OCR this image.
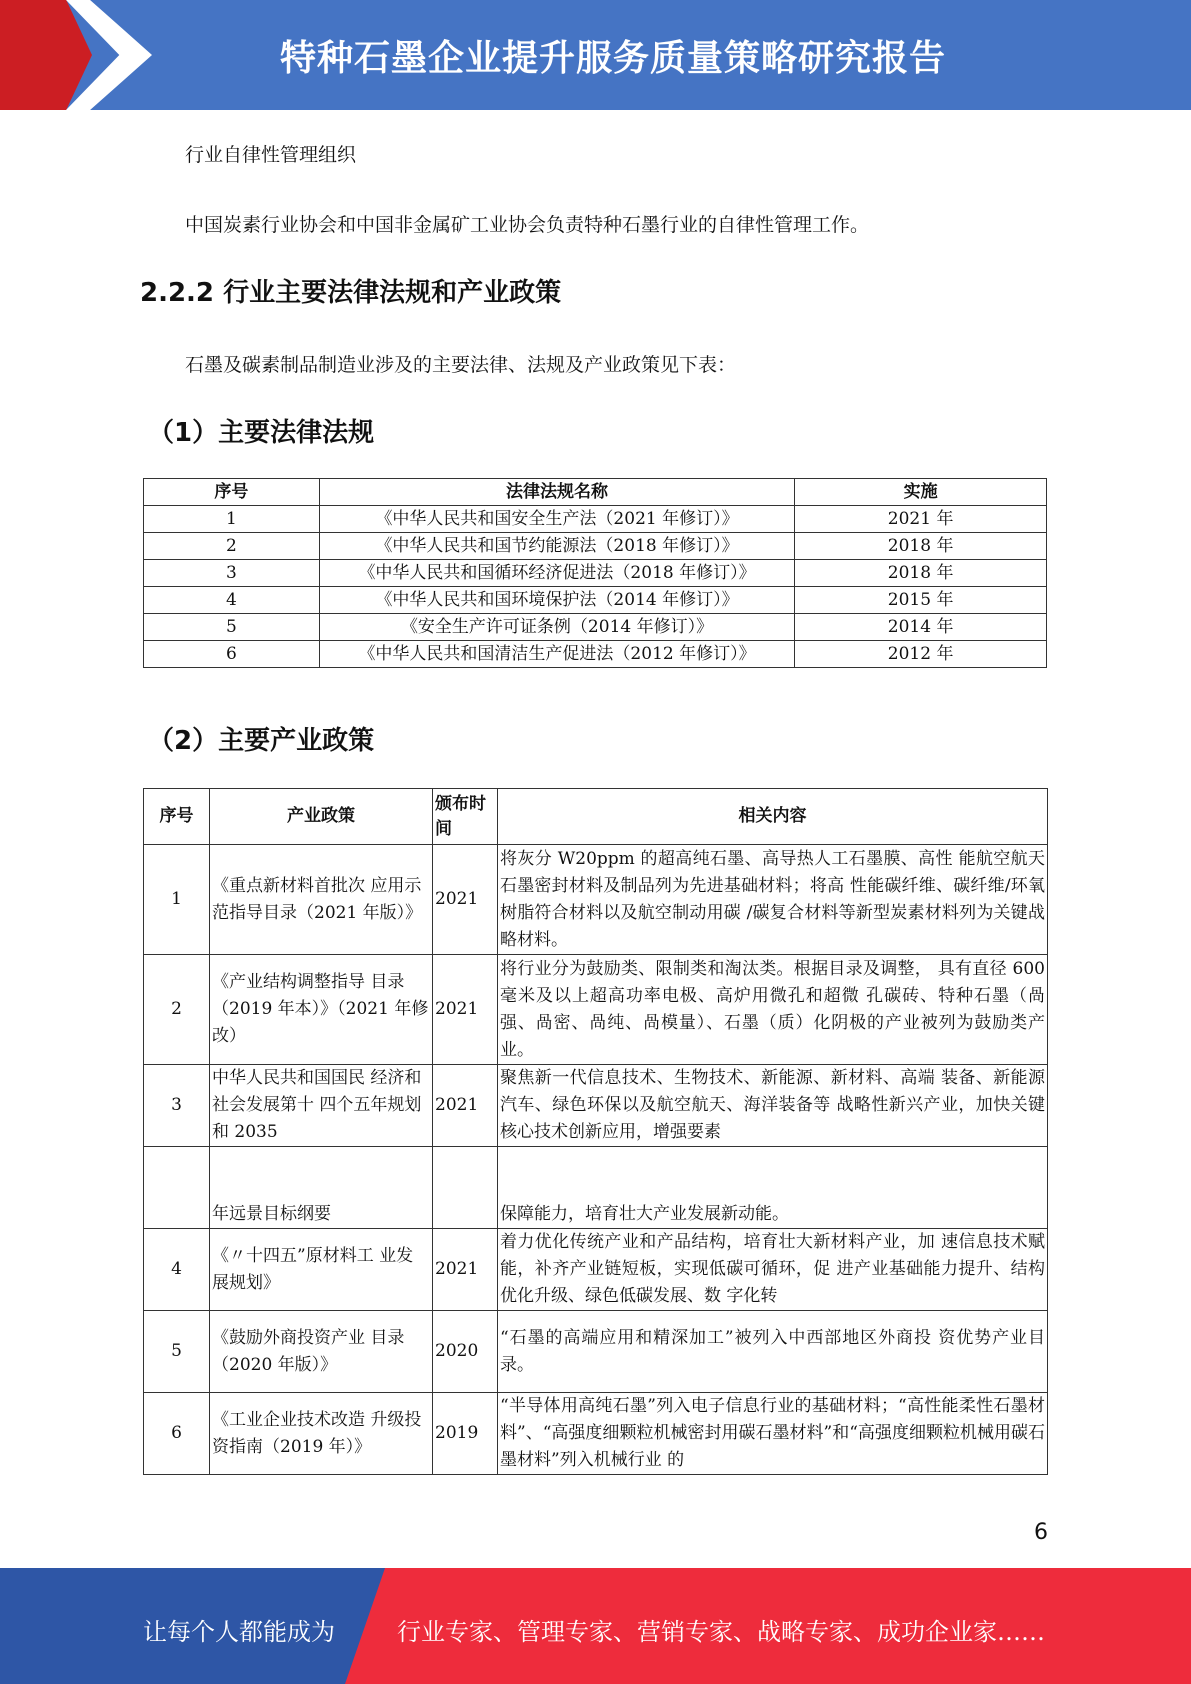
特种石墨企业提升服务质量策略研究报告
行业自律性管理组织
中国炭素行业协会和中国非金属矿工业协会负责特种石墨行业的自律性管理工作。
2.2.2 行业主要法律法规和产业政策
石墨及碳素制品制造业涉及的主要法律、法规及产业政策见下表：
（1）主要法律法规
序号	法律法规名称	实施
1	《中华人民共和国安全生产法（2021 年修订）》	2021 年
2	《中华人民共和国节约能源法（2018 年修订）》	2018 年
3	《中华人民共和国循环经济促进法（2018 年修订）》	2018 年
4	《中华人民共和国环境保护法（2014 年修订）》	2015 年
5	《安全生产许可证条例（2014 年修订）》	2014 年
6	《中华人民共和国清洁生产促进法（2012 年修订）》	2012 年
（2）主要产业政策
序号	产业政策	颁布时间	相关内容
1	《重点新材料首批次 应用示范指导目录（2021 年版）》	2021	将灰分 W20ppm 的超高纯石墨、高导热人工石墨膜、高性 能航空航天石墨密封材料及制品列为先进基础材料；将高 性能碳纤维、碳纤维/环氧树脂符合材料以及航空制动用碳 /碳复合材料等新型炭素材料列为关键战略材料。
2	《产业结构调整指导 目录（2019 年本）》（2021 年修改）	2021	将行业分为鼓励类、限制类和淘汰类。根据目录及调整， 具有直径 600 毫米及以上超高功率电极、高炉用微孔和超微 孔碳砖、特种石墨（咼强、咼密、咼纯、咼模量）、石墨（质）化阴极的产业被列为鼓励类产业。
3	中华人民共和国国民 经济和社会发展第十 四个五年规划和 2035	2021	聚焦新一代信息技术、生物技术、新能源、新材料、高端 装备、新能源汽车、绿色环保以及航空航天、海洋装备等 战略性新兴产业，加快关键核心技术创新应用，增强要素
	年远景目标纲要		保障能力，培育壮大产业发展新动能。
4	《〃十四五”原材料工 业发展规划》	2021	着力优化传统产业和产品结构，培育壮大新材料产业，加 速信息技术赋能，补齐产业链短板，实现低碳可循环，促 进产业基础能力提升、结构优化升级、绿色低碳发展、数 字化转
5	《鼓励外商投资产业 目录（2020 年版）》	2020	“石墨的高端应用和精深加工”被列入中西部地区外商投 资优势产业目录。
6	《工业企业技术改造 升级投资指南（2019 年）》	2019	“半导体用高纯石墨”列入电子信息行业的基础材料；“高性能柔性石墨材料”、“高强度细颗粒机械密封用碳石墨材料”和“高强度细颗粒机械用碳石墨材料”列入机械行业 的
6
让每个人都能成为	行业专家、管理专家、营销专家、战略专家、成功企业家……
